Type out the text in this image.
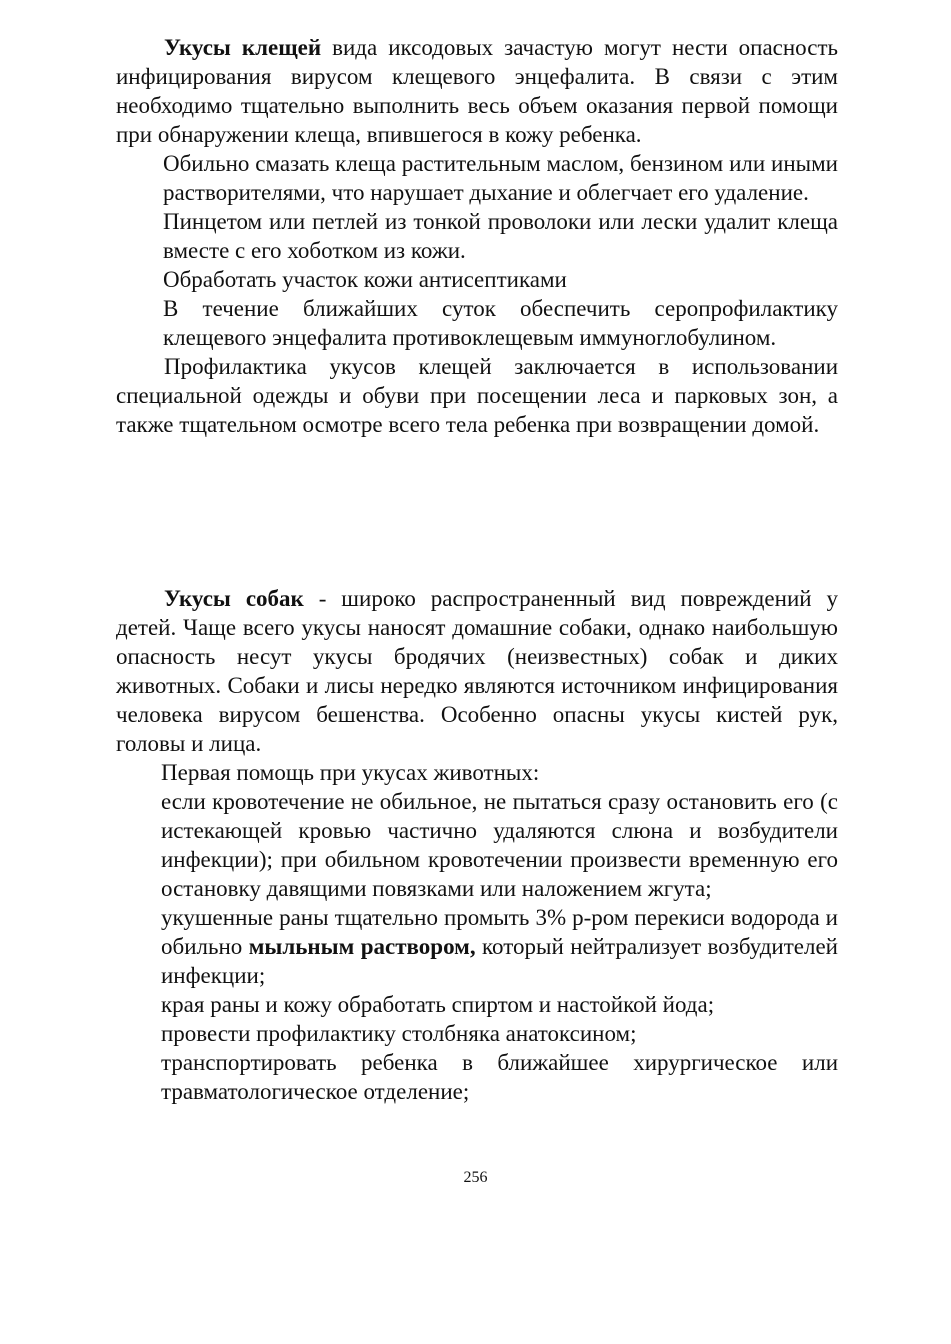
Укусы клещей вида иксодовых зачастую могут нести опасность инфицирования вирусом клещевого энцефалита. В связи с этим необходимо тщательно выполнить весь объем оказания первой помощи при обнаружении клеща, впившегося в кожу ребенка.

Обильно смазать клеща растительным маслом, бензином или иными растворителями, что нарушает дыхание и облегчает его удаление.

Пинцетом или петлей из тонкой проволоки или лески удалит клеща вместе с его хоботком из кожи.

Обработать участок кожи антисептиками

В течение ближайших суток обеспечить серопрофилактику клещевого энцефалита противоклещевым иммуноглобулином.

Профилактика укусов клещей заключается в использовании специальной одежды и обуви при посещении леса и парковых зон, а также тщательном осмотре всего тела ребенка при возвращении домой.

Укусы собак - широко распространенный вид повреждений у детей. Чаще всего укусы наносят домашние собаки, однако наибольшую опасность несут укусы бродячих (неизвестных) собак и диких животных. Собаки и лисы нередко являются источником инфицирования человека вирусом бешенства. Особенно опасны укусы кистей рук, головы и лица.

Первая помощь при укусах животных:

если кровотечение не обильное, не пытаться сразу остановить его (с истекающей кровью частично удаляются слюна и возбудители инфекции); при обильном кровотечении произвести временную его остановку давящими повязками или наложением жгута;

укушенные раны тщательно промыть 3% р-ром перекиси водорода и обильно мыльным раствором, который нейтрализует возбудителей инфекции;

края раны и кожу обработать спиртом и настойкой йода;

провести профилактику столбняка анатоксином;

транспортировать ребенка в ближайшее хирургическое или травматологическое отделение;

256
